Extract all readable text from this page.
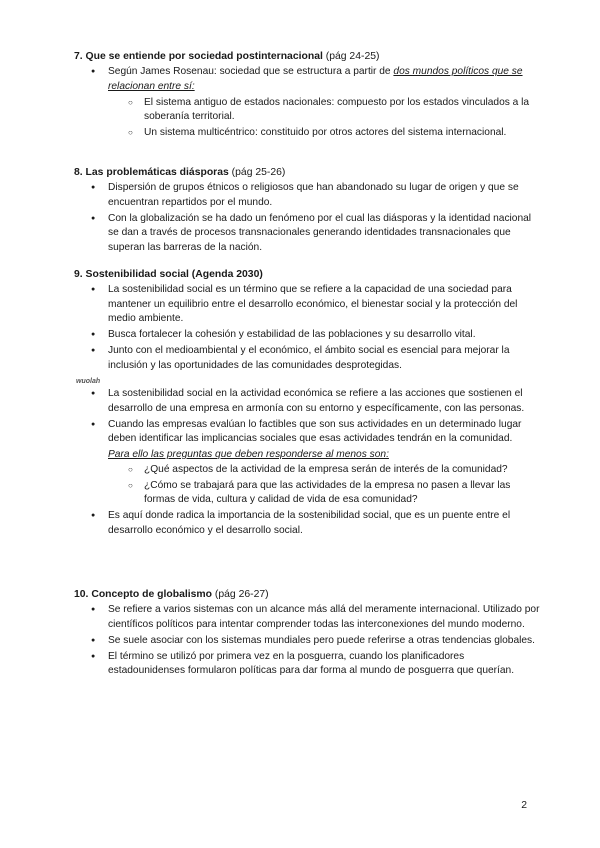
7. Que se entiende por sociedad postinternacional (pág 24-25)
● Según James Rosenau: sociedad que se estructura a partir de dos mundos políticos que se relacionan entre sí:
○ El sistema antiguo de estados nacionales: compuesto por los estados vinculados a la soberanía territorial.
○ Un sistema multicéntrico: constituido por otros actores del sistema internacional.
8. Las problemáticas diásporas (pág 25-26)
● Dispersión de grupos étnicos o religiosos que han abandonado su lugar de origen y que se encuentran repartidos por el mundo.
● Con la globalización se ha dado un fenómeno por el cual las diásporas y la identidad nacional se dan a través de procesos transnacionales generando identidades transnacionales que superan las barreras de la nación.
9. Sostenibilidad social (Agenda 2030)
● La sostenibilidad social es un término que se refiere a la capacidad de una sociedad para mantener un equilibrio entre el desarrollo económico, el bienestar social y la protección del medio ambiente.
● Busca fortalecer la cohesión y estabilidad de las poblaciones y su desarrollo vital.
● Junto con el medioambiental y el económico, el ámbito social es esencial para mejorar la inclusión y las oportunidades de las comunidades desprotegidas.
● La sostenibilidad social en la actividad económica se refiere a las acciones que sostienen el desarrollo de una empresa en armonía con su entorno y específicamente, con las personas.
● Cuando las empresas evalúan lo factibles que son sus actividades en un determinado lugar deben identificar las implicancias sociales que esas actividades tendrán en la comunidad.
Para ello las preguntas que deben responderse al menos son:
○ ¿Qué aspectos de la actividad de la empresa serán de interés de la comunidad?
○ ¿Cómo se trabajará para que las actividades de la empresa no pasen a llevar las formas de vida, cultura y calidad de vida de esa comunidad?
● Es aquí donde radica la importancia de la sostenibilidad social, que es un puente entre el desarrollo económico y el desarrollo social.
10. Concepto de globalismo (pág 26-27)
● Se refiere a varios sistemas con un alcance más allá del meramente internacional. Utilizado por científicos políticos para intentar comprender todas las interconexiones del mundo moderno.
● Se suele asociar con los sistemas mundiales pero puede referirse a otras tendencias globales.
● El término se utilizó por primera vez en la posguerra, cuando los planificadores estadounidenses formularon políticas para dar forma al mundo de posguerra que querían.
wuolah
2
